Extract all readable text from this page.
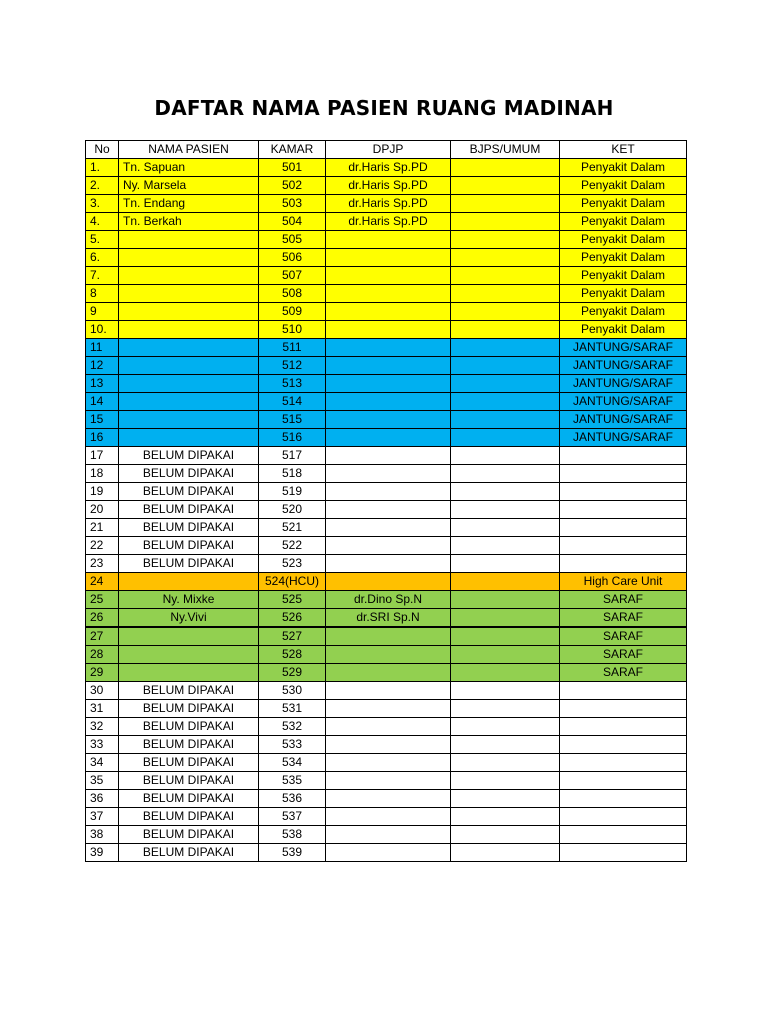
DAFTAR NAMA PASIEN RUANG MADINAH
No	NAMA PASIEN	KAMAR	DPJP	BJPS/UMUM	KET
1.	Tn. Sapuan	501	dr.Haris Sp.PD		Penyakit Dalam
2.	Ny. Marsela	502	dr.Haris Sp.PD		Penyakit Dalam
3.	Tn. Endang	503	dr.Haris Sp.PD		Penyakit Dalam
4.	Tn. Berkah	504	dr.Haris Sp.PD		Penyakit Dalam
5.		505			Penyakit Dalam
6.		506			Penyakit Dalam
7.		507			Penyakit Dalam
8		508			Penyakit Dalam
9		509			Penyakit Dalam
10.		510			Penyakit Dalam
11		511			JANTUNG/SARAF
12		512			JANTUNG/SARAF
13		513			JANTUNG/SARAF
14		514			JANTUNG/SARAF
15		515			JANTUNG/SARAF
16		516			JANTUNG/SARAF
17	BELUM DIPAKAI	517			
18	BELUM DIPAKAI	518			
19	BELUM DIPAKAI	519			
20	BELUM DIPAKAI	520			
21	BELUM DIPAKAI	521			
22	BELUM DIPAKAI	522			
23	BELUM DIPAKAI	523			
24		524(HCU)			High Care Unit
25	Ny. Mixke	525	dr.Dino Sp.N		SARAF
26	Ny.Vivi	526	dr.SRI Sp.N		SARAF
27		527			SARAF
28		528			SARAF
29		529			SARAF
30	BELUM DIPAKAI	530			
31	BELUM DIPAKAI	531			
32	BELUM DIPAKAI	532			
33	BELUM DIPAKAI	533			
34	BELUM DIPAKAI	534			
35	BELUM DIPAKAI	535			
36	BELUM DIPAKAI	536			
37	BELUM DIPAKAI	537			
38	BELUM DIPAKAI	538			
39	BELUM DIPAKAI	539			
